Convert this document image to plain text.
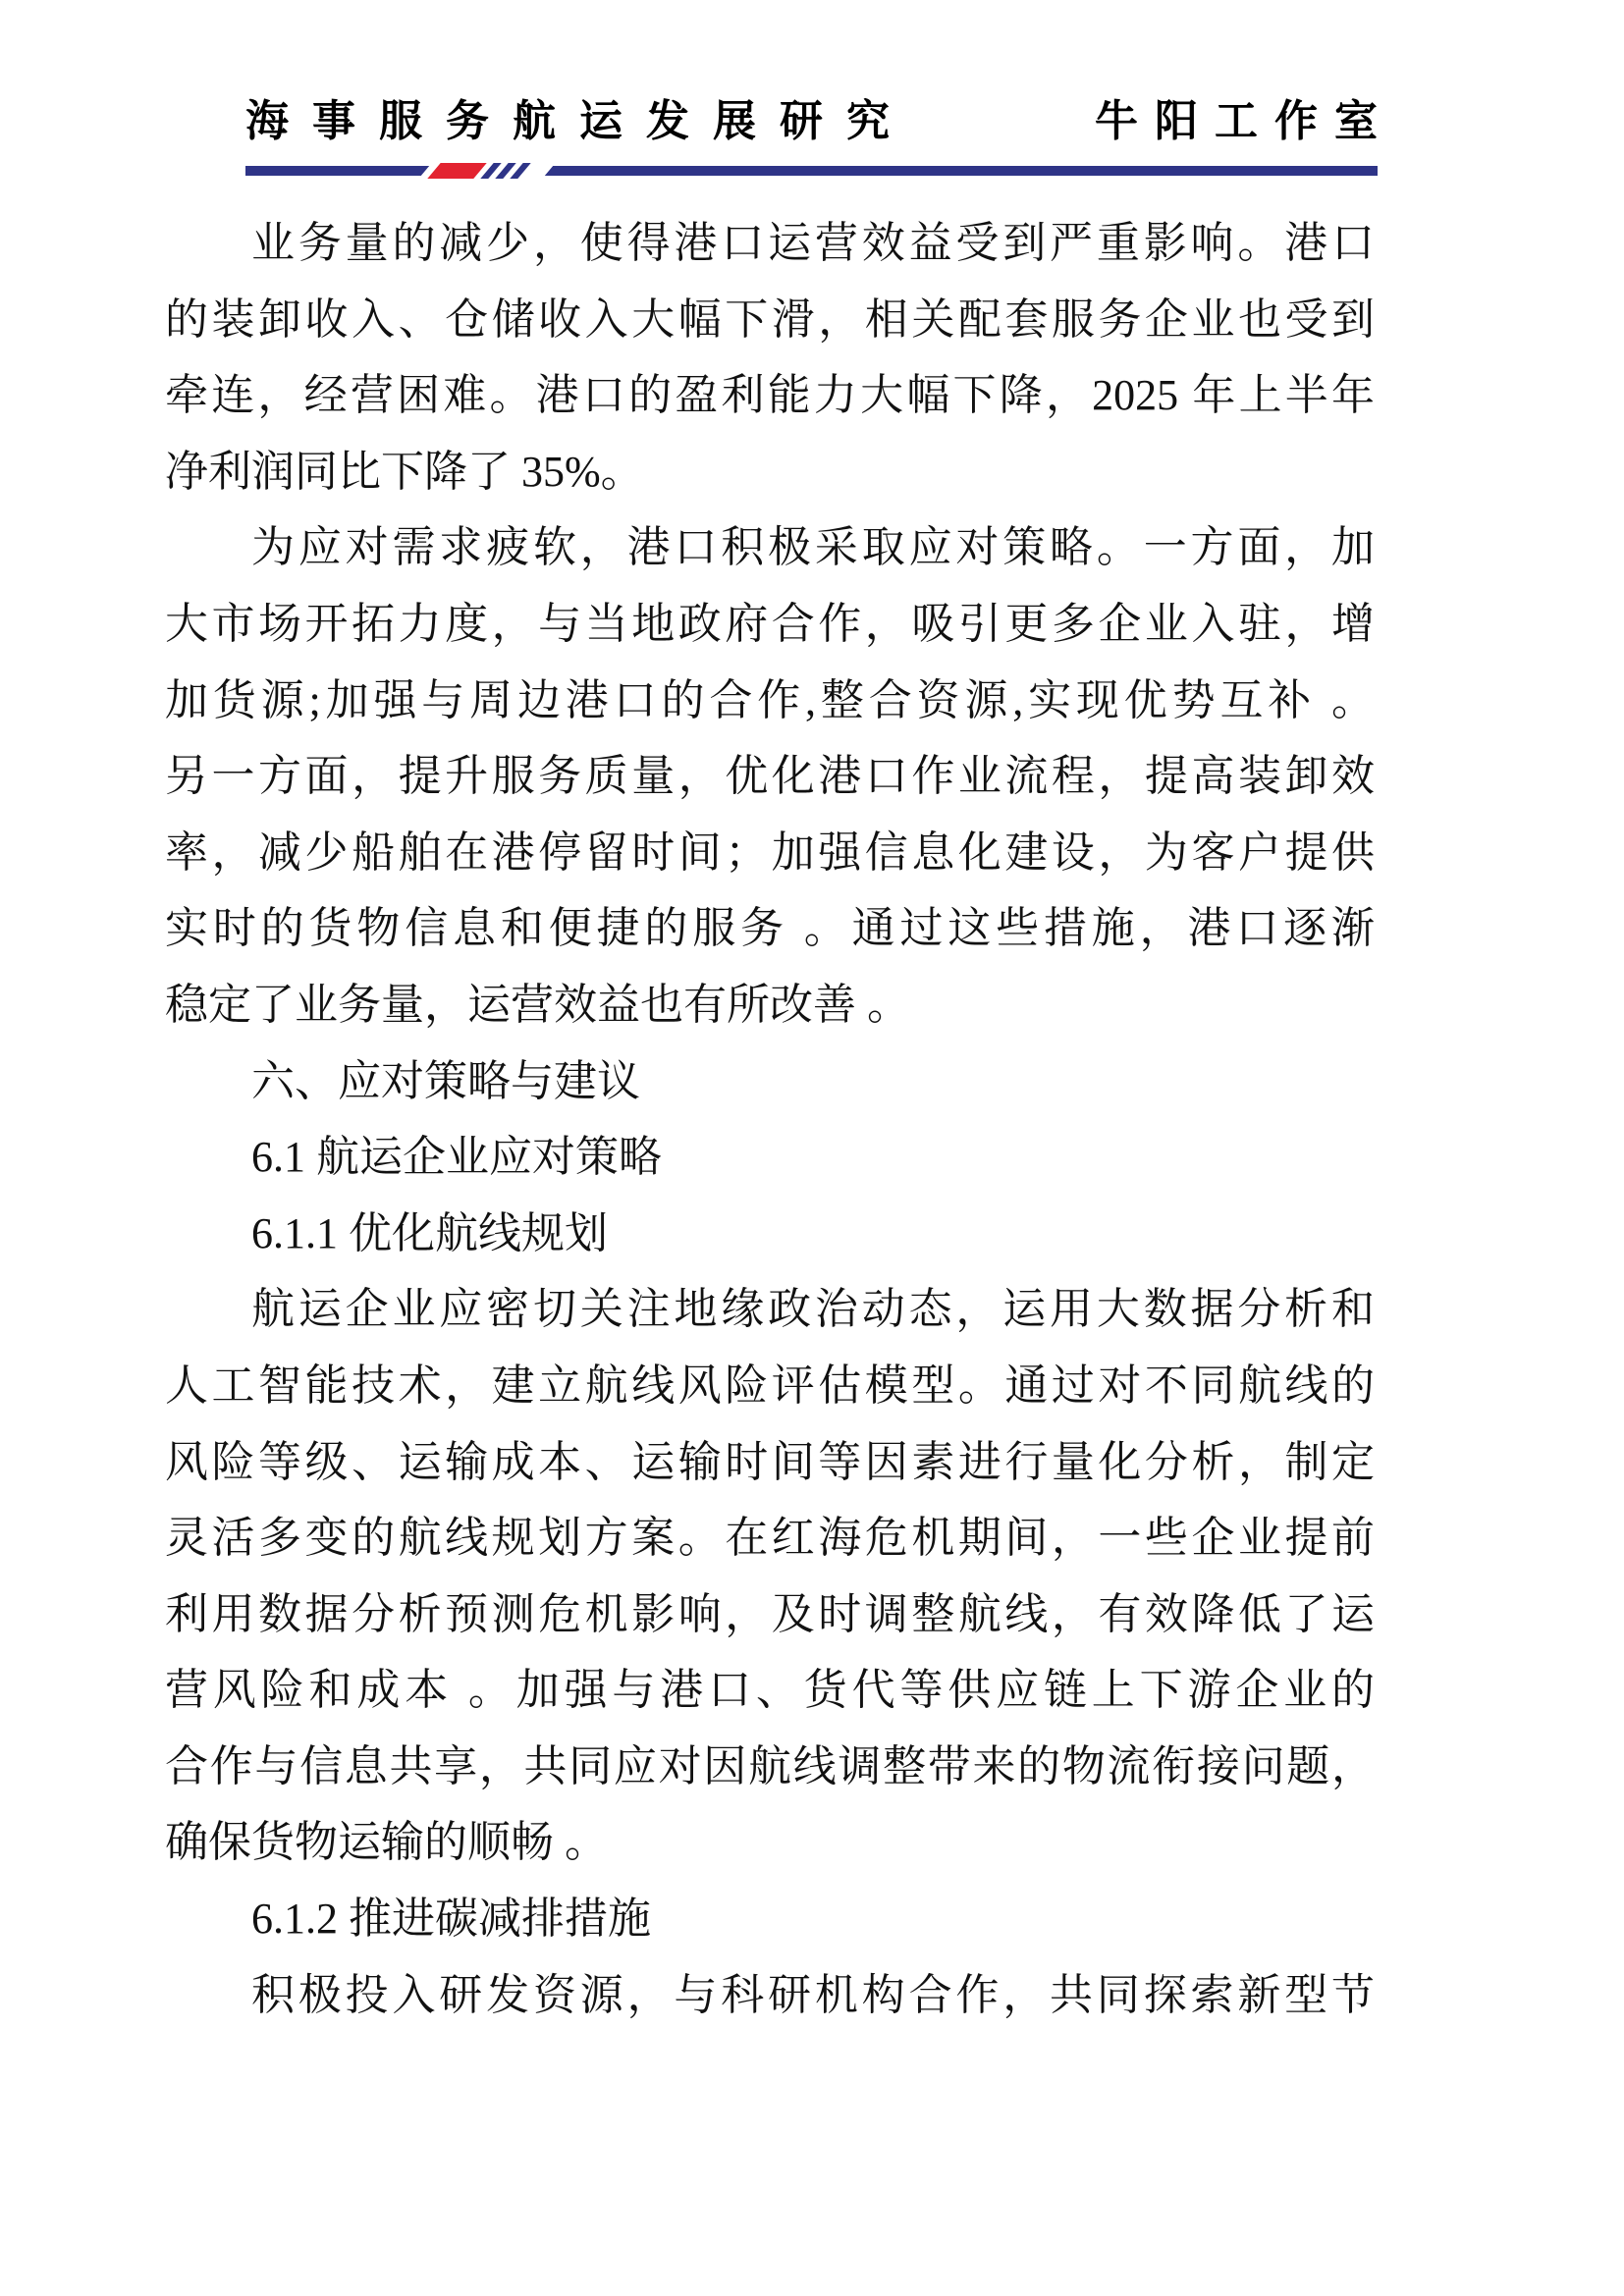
海事服务航运发展研究	牛阳工作室
业务量的减少，使得港口运营效益受到严重影响。港口
的装卸收入、仓储收入大幅下滑，相关配套服务企业也受到
牵连，经营困难。港口的盈利能力大幅下降，2025 年上半年
净利润同比下降了 35%。
为应对需求疲软，港口积极采取应对策略。一方面，加
大市场开拓力度，与当地政府合作，吸引更多企业入驻，增
加货源;加强与周边港口的合作,整合资源,实现优势互补 。
另一方面，提升服务质量，优化港口作业流程，提高装卸效
率，减少船舶在港停留时间；加强信息化建设，为客户提供
实时的货物信息和便捷的服务 。通过这些措施，港口逐渐
稳定了业务量，运营效益也有所改善 。
六、应对策略与建议
6.1 航运企业应对策略
6.1.1 优化航线规划
航运企业应密切关注地缘政治动态，运用大数据分析和
人工智能技术，建立航线风险评估模型。通过对不同航线的
风险等级、运输成本、运输时间等因素进行量化分析，制定
灵活多变的航线规划方案。在红海危机期间，一些企业提前
利用数据分析预测危机影响，及时调整航线，有效降低了运
营风险和成本 。加强与港口、货代等供应链上下游企业的
合作与信息共享，共同应对因航线调整带来的物流衔接问题，
确保货物运输的顺畅 。
6.1.2 推进碳减排措施
积极投入研发资源，与科研机构合作，共同探索新型节
